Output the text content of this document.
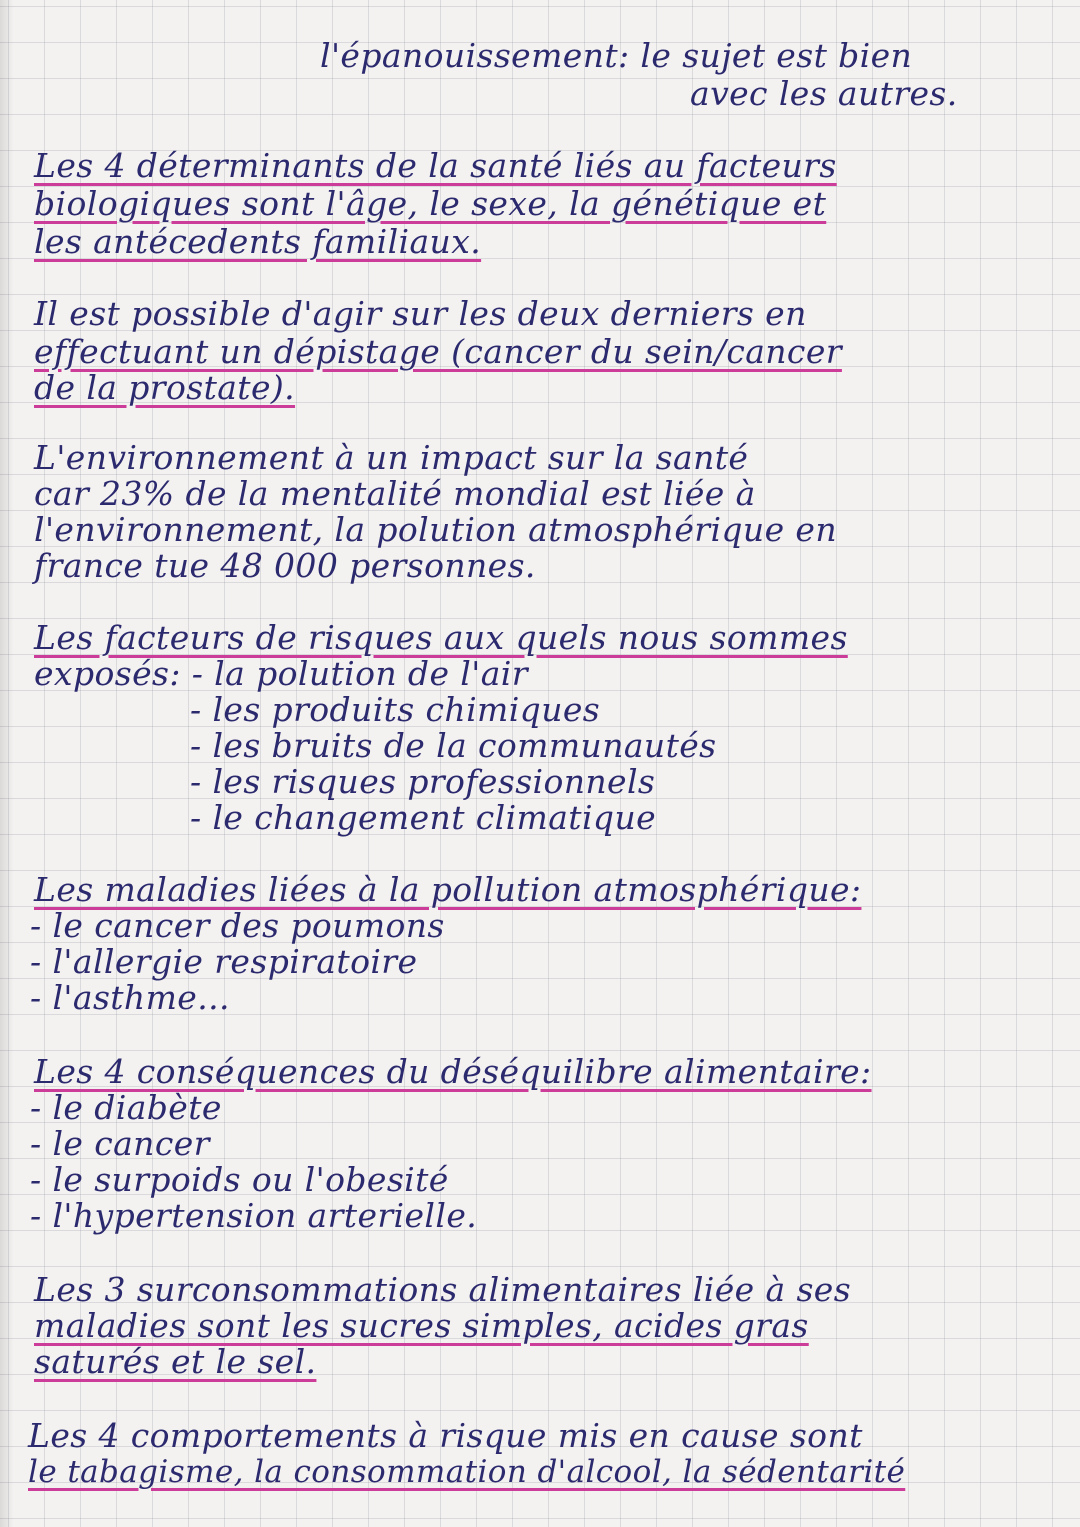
l'épanouissement: le sujet est bien
avec les autres.
Les 4 déterminants de la santé liés au facteurs
biologiques sont l'âge, le sexe, la génétique et
les antécedents familiaux.
Il est possible d'agir sur les deux derniers en
effectuant un dépistage (cancer du sein/cancer
de la prostate).
L'environnement à un impact sur la santé
car 23% de la mentalité mondial est liée à
l'environnement, la polution atmosphérique en
france tue 48 000 personnes.
Les facteurs de risques aux quels nous sommes
exposés: - la polution de l'air
- les produits chimiques
- les bruits de la communautés
- les risques professionnels
- le changement climatique
Les maladies liées à la pollution atmosphérique:
- le cancer des poumons
- l'allergie respiratoire
- l'asthme...
Les 4 conséquences du déséquilibre alimentaire:
- le diabète
- le cancer
- le surpoids ou l'obesité
- l'hypertension arterielle.
Les 3 surconsommations alimentaires liée à ses
maladies sont les sucres simples, acides gras
saturés et le sel.
Les 4 comportements à risque mis en cause sont
le tabagisme, la consommation d'alcool, la sédentarité
